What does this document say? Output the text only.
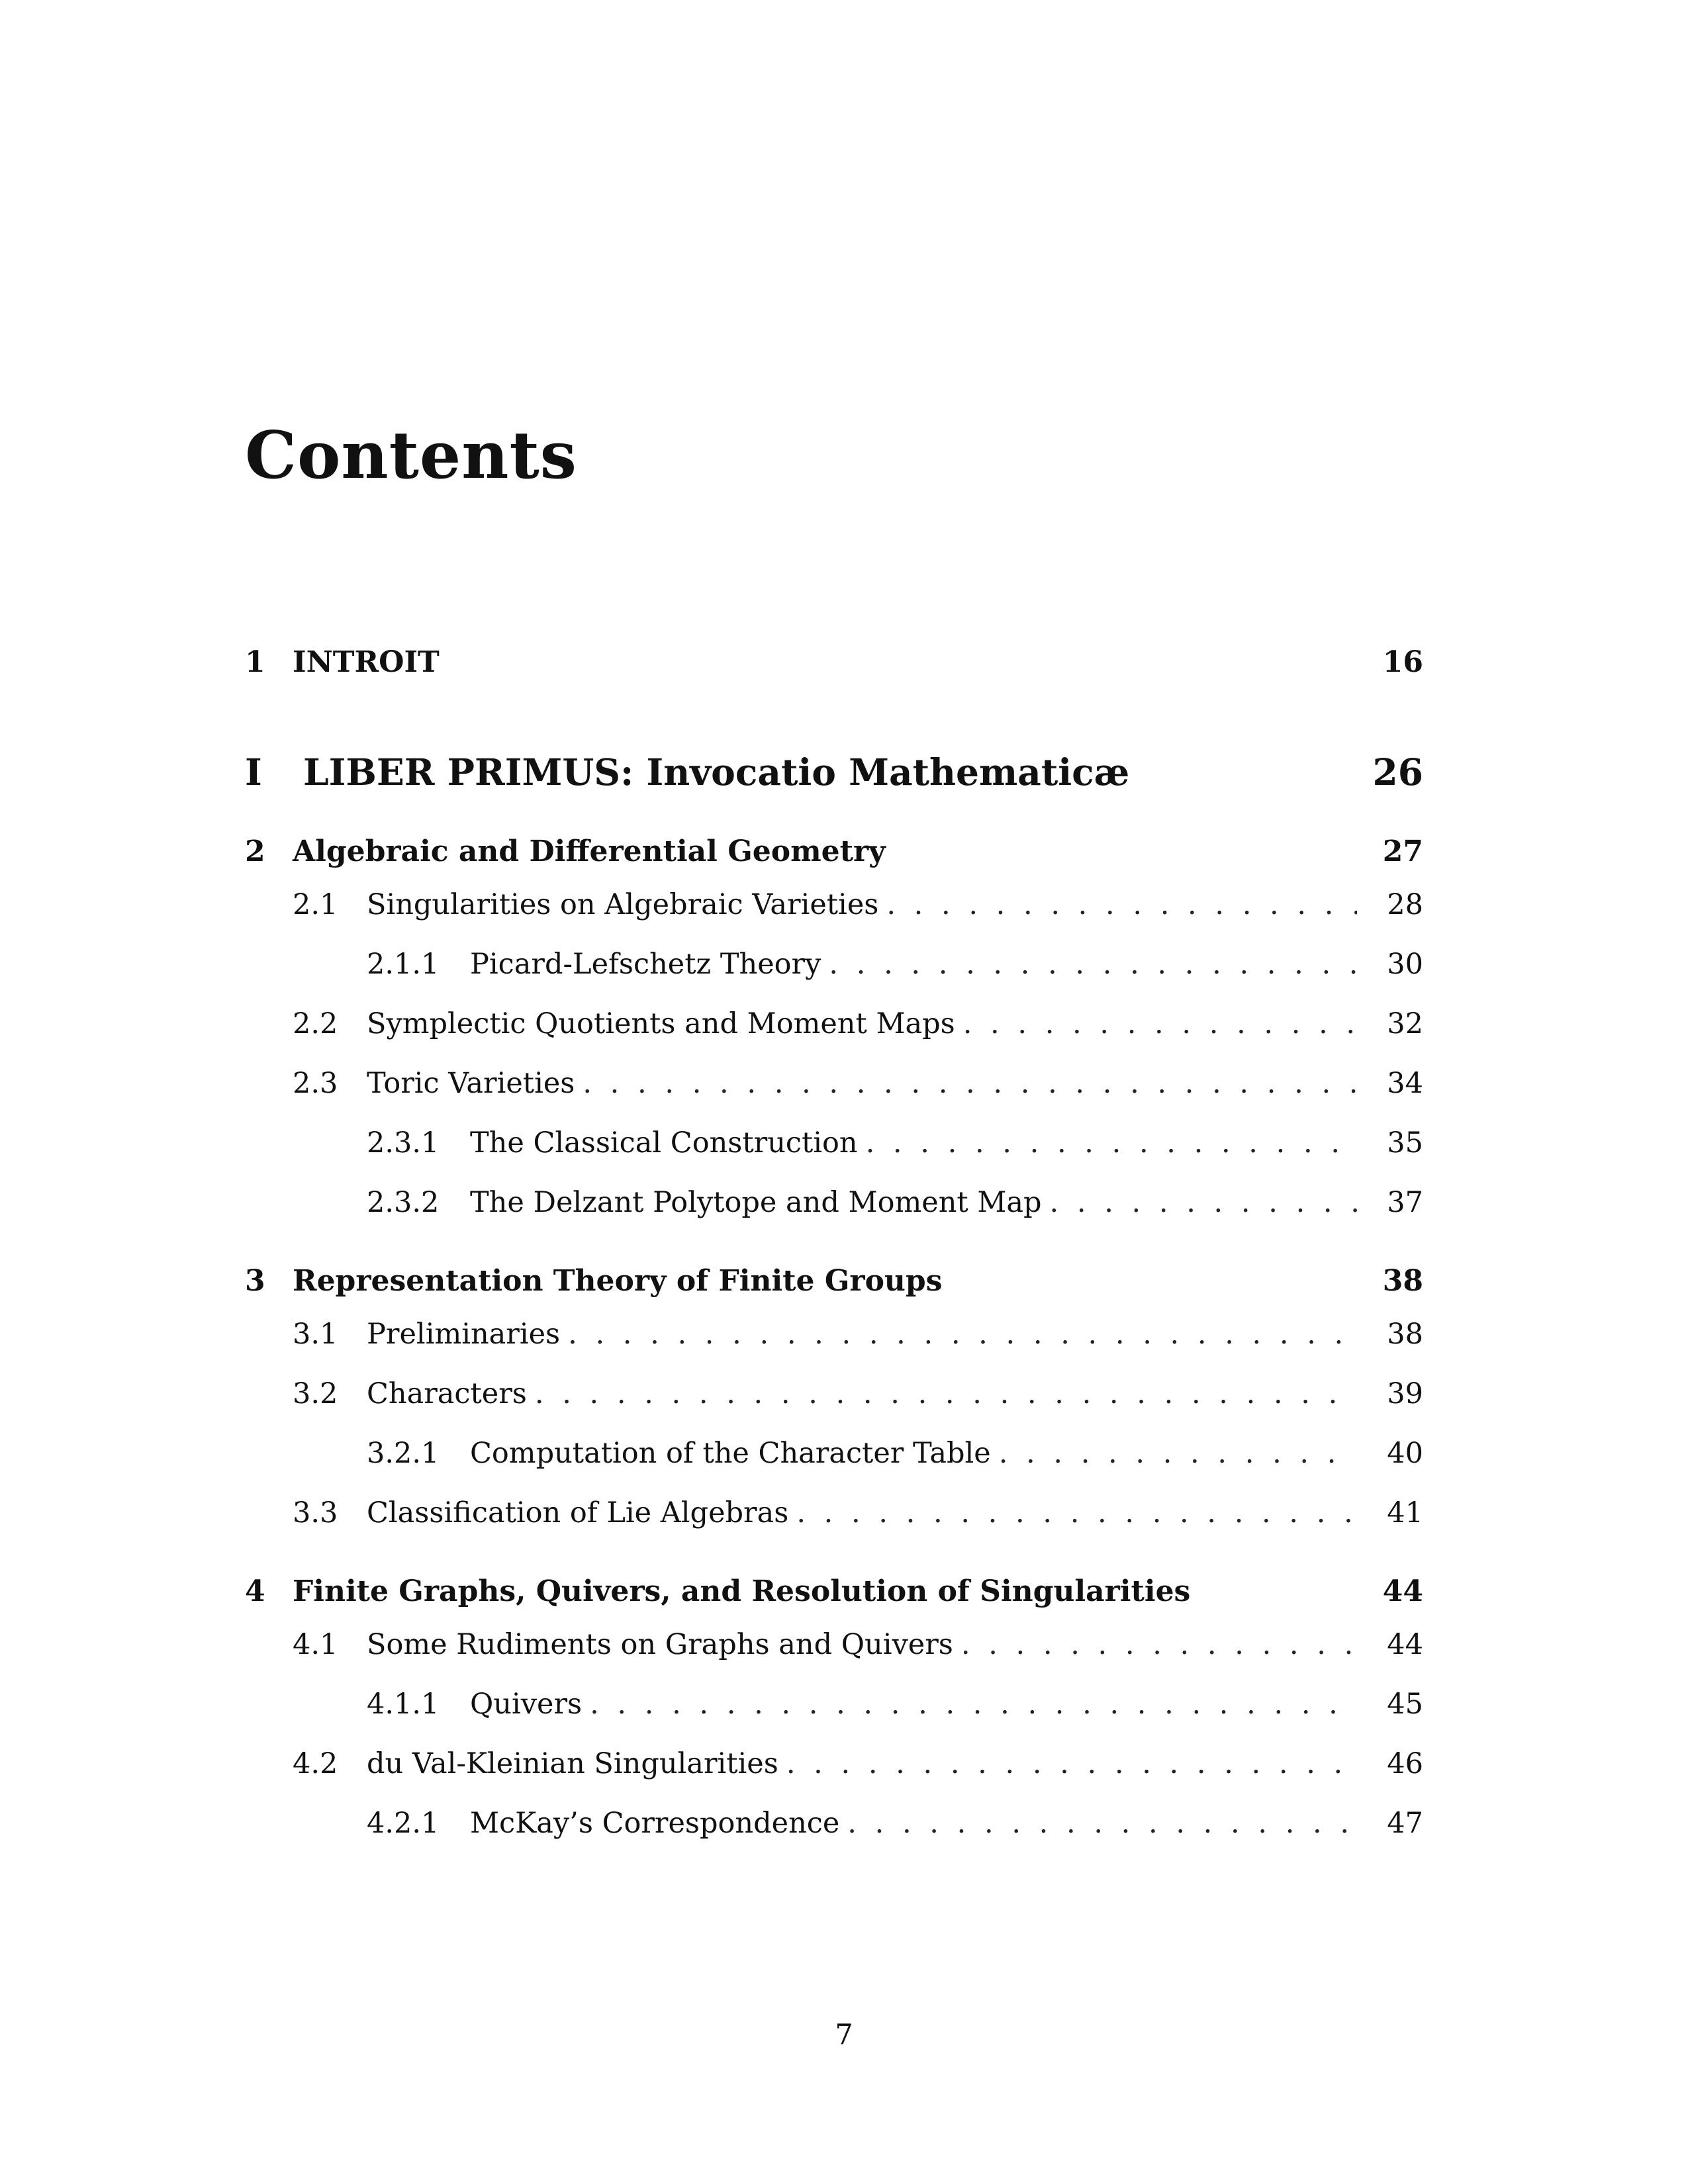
Contents
1 INTROIT	16
I	LIBER PRIMUS: Invocatio Mathematicæ	26
2 Algebraic and Differential Geometry	27
2.1	Singularities on Algebraic Varieties . . .	28
2.1.1	Picard-Lefschetz Theory . . .	30
2.2	Symplectic Quotients and Moment Maps . . .	32
2.3	Toric Varieties . . .	34
2.3.1	The Classical Construction . . .	35
2.3.2	The Delzant Polytope and Moment Map . . .	37
3 Representation Theory of Finite Groups	38
3.1	Preliminaries . . .	38
3.2	Characters . . .	39
3.2.1	Computation of the Character Table . . .	40
3.3	Classification of Lie Algebras . . .	41
4 Finite Graphs, Quivers, and Resolution of Singularities	44
4.1	Some Rudiments on Graphs and Quivers . . .	44
4.1.1	Quivers . . .	45
4.2	du Val-Kleinian Singularities . . .	46
4.2.1	McKay’s Correspondence . . .	47
7
